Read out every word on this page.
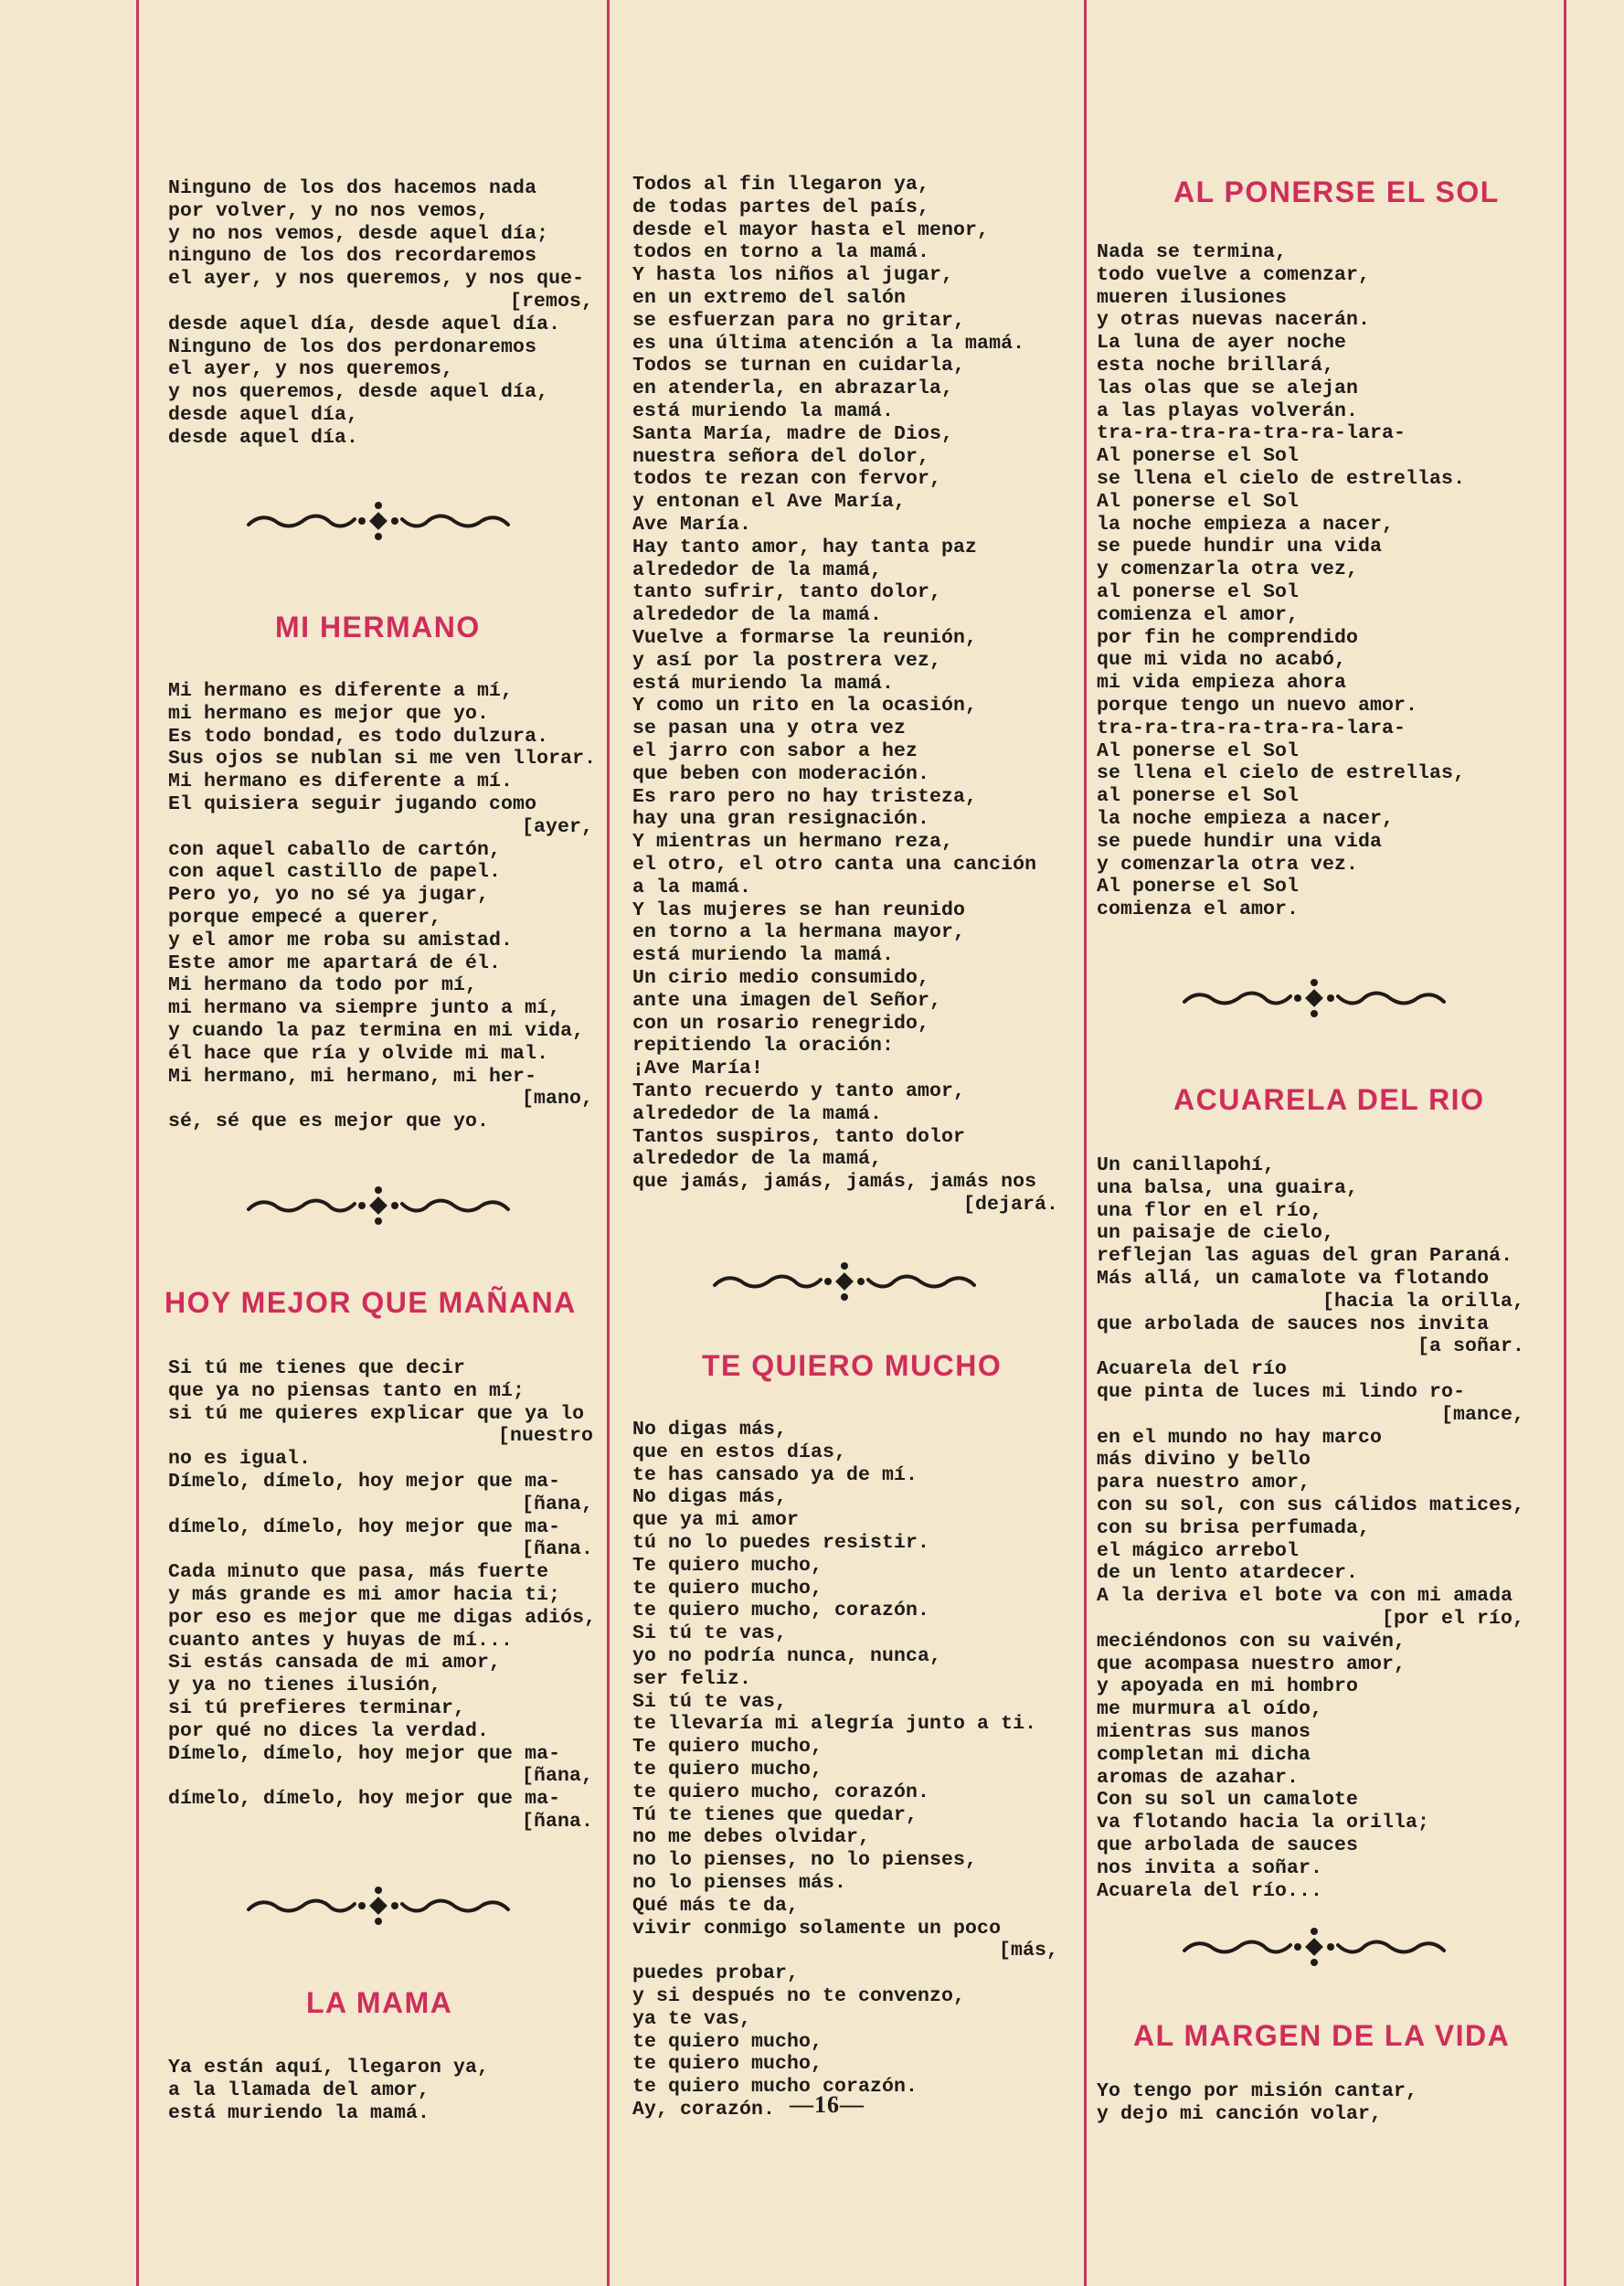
Ninguno de los dos hacemos nada
por volver, y no nos vemos,
y no nos vemos, desde aquel día;
ninguno de los dos recordaremos
el ayer, y nos queremos, y nos que-
[remos,
desde aquel día, desde aquel día.
Ninguno de los dos perdonaremos
el ayer, y nos queremos,
y nos queremos, desde aquel día,
desde aquel día,
desde aquel día.
MI HERMANO
Mi hermano es diferente a mí,
mi hermano es mejor que yo.
Es todo bondad, es todo dulzura.
Sus ojos se nublan si me ven llorar.
Mi hermano es diferente a mí.
El quisiera seguir jugando como
[ayer,
con aquel caballo de cartón,
con aquel castillo de papel.
Pero yo, yo no sé ya jugar,
porque empecé a querer,
y el amor me roba su amistad.
Este amor me apartará de él.
Mi hermano da todo por mí,
mi hermano va siempre junto a mí,
y cuando la paz termina en mi vida,
él hace que ría y olvide mi mal.
Mi hermano, mi hermano, mi her-
[mano,
sé, sé que es mejor que yo.
HOY MEJOR QUE MAÑANA
Si tú me tienes que decir
que ya no piensas tanto en mí;
si tú me quieres explicar que ya lo
[nuestro
no es igual.
Dímelo, dímelo, hoy mejor que ma-
[ñana,
dímelo, dímelo, hoy mejor que ma-
[ñana.
Cada minuto que pasa, más fuerte
y más grande es mi amor hacia ti;
por eso es mejor que me digas adiós,
cuanto antes y huyas de mí...
Si estás cansada de mi amor,
y ya no tienes ilusión,
si tú prefieres terminar,
por qué no dices la verdad.
Dímelo, dímelo, hoy mejor que ma-
[ñana,
dímelo, dímelo, hoy mejor que ma-
[ñana.
LA MAMA
Ya están aquí, llegaron ya,
a la llamada del amor,
está muriendo la mamá.
Todos al fin llegaron ya,
de todas partes del país,
desde el mayor hasta el menor,
todos en torno a la mamá.
Y hasta los niños al jugar,
en un extremo del salón
se esfuerzan para no gritar,
es una última atención a la mamá.
Todos se turnan en cuidarla,
en atenderla, en abrazarla,
está muriendo la mamá.
Santa María, madre de Dios,
nuestra señora del dolor,
todos te rezan con fervor,
y entonan el Ave María,
Ave María.
Hay tanto amor, hay tanta paz
alrededor de la mamá,
tanto sufrir, tanto dolor,
alrededor de la mamá.
Vuelve a formarse la reunión,
y así por la postrera vez,
está muriendo la mamá.
Y como un rito en la ocasión,
se pasan una y otra vez
el jarro con sabor a hez
que beben con moderación.
Es raro pero no hay tristeza,
hay una gran resignación.
Y mientras un hermano reza,
el otro, el otro canta una canción
a la mamá.
Y las mujeres se han reunido
en torno a la hermana mayor,
está muriendo la mamá.
Un cirio medio consumido,
ante una imagen del Señor,
con un rosario renegrido,
repitiendo la oración:
¡Ave María!
Tanto recuerdo y tanto amor,
alrededor de la mamá.
Tantos suspiros, tanto dolor
alrededor de la mamá,
que jamás, jamás, jamás, jamás nos
[dejará.
TE QUIERO MUCHO
No digas más,
que en estos días,
te has cansado ya de mí.
No digas más,
que ya mi amor
tú no lo puedes resistir.
Te quiero mucho,
te quiero mucho,
te quiero mucho, corazón.
Si tú te vas,
yo no podría nunca, nunca,
ser feliz.
Si tú te vas,
te llevaría mi alegría junto a ti.
Te quiero mucho,
te quiero mucho,
te quiero mucho, corazón.
Tú te tienes que quedar,
no me debes olvidar,
no lo pienses, no lo pienses,
no lo pienses más.
Qué más te da,
vivir conmigo solamente un poco
[más,
puedes probar,
y si después no te convenzo,
ya te vas,
te quiero mucho,
te quiero mucho,
te quiero mucho corazón.
Ay, corazón.
AL PONERSE EL SOL
Nada se termina,
todo vuelve a comenzar,
mueren ilusiones
y otras nuevas nacerán.
La luna de ayer noche
esta noche brillará,
las olas que se alejan
a las playas volverán.
tra-ra-tra-ra-tra-ra-lara-
Al ponerse el Sol
se llena el cielo de estrellas.
Al ponerse el Sol
la noche empieza a nacer,
se puede hundir una vida
y comenzarla otra vez,
al ponerse el Sol
comienza el amor,
por fin he comprendido
que mi vida no acabó,
mi vida empieza ahora
porque tengo un nuevo amor.
tra-ra-tra-ra-tra-ra-lara-
Al ponerse el Sol
se llena el cielo de estrellas,
al ponerse el Sol
la noche empieza a nacer,
se puede hundir una vida
y comenzarla otra vez.
Al ponerse el Sol
comienza el amor.
ACUARELA DEL RIO
Un canillapohí,
una balsa, una guaira,
una flor en el río,
un paisaje de cielo,
reflejan las aguas del gran Paraná.
Más allá, un camalote va flotando
[hacia la orilla,
que arbolada de sauces nos invita
[a soñar.
Acuarela del río
que pinta de luces mi lindo ro-
[mance,
en el mundo no hay marco
más divino y bello
para nuestro amor,
con su sol, con sus cálidos matices,
con su brisa perfumada,
el mágico arrebol
de un lento atardecer.
A la deriva el bote va con mi amada
[por el río,
meciéndonos con su vaivén,
que acompasa nuestro amor,
y apoyada en mi hombro
me murmura al oído,
mientras sus manos
completan mi dicha
aromas de azahar.
Con su sol un camalote
va flotando hacia la orilla;
que arbolada de sauces
nos invita a soñar.
Acuarela del río...
AL MARGEN DE LA VIDA
Yo tengo por misión cantar,
y dejo mi canción volar,
—16—
